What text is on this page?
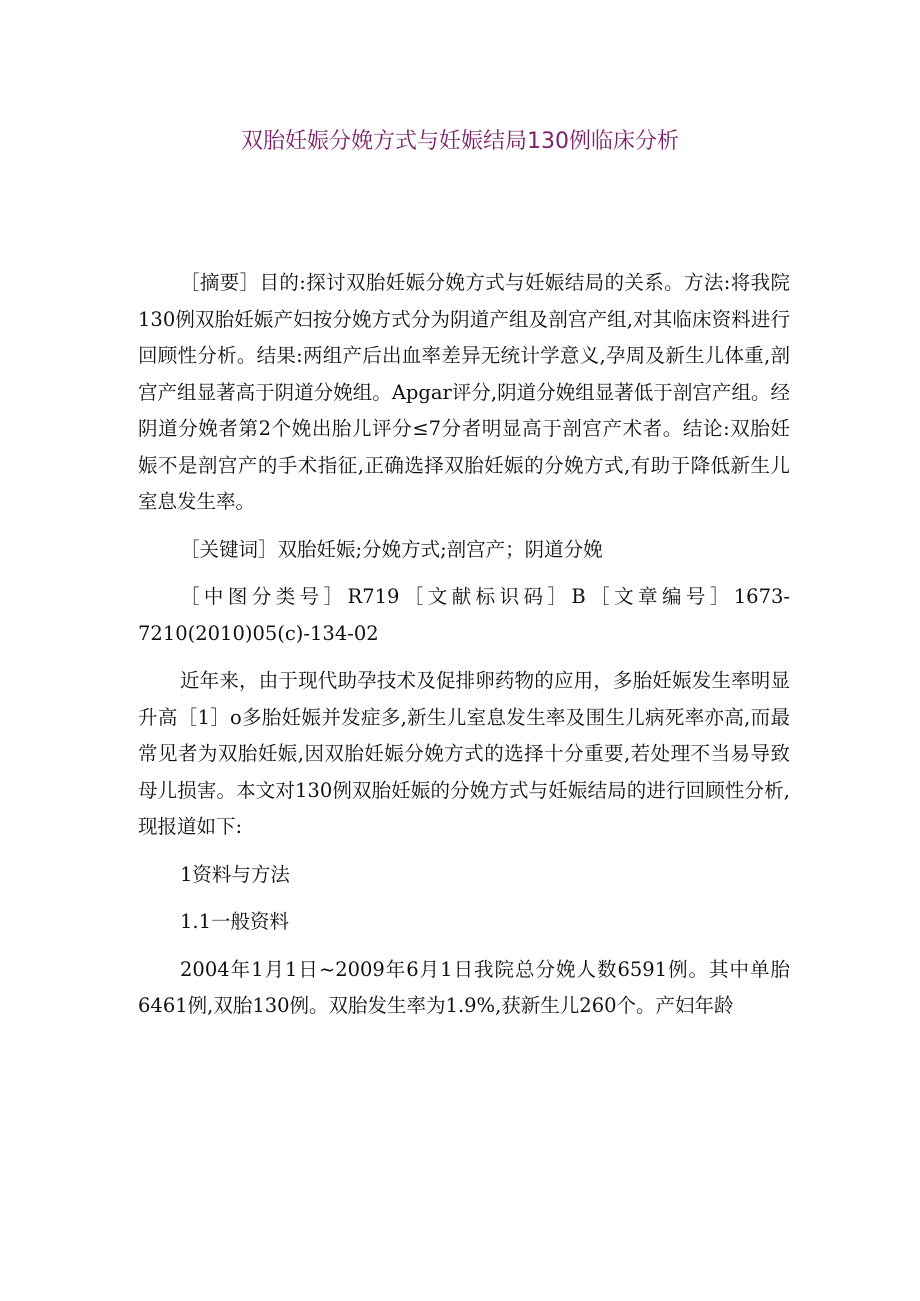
双胎妊娠分娩方式与妊娠结局130例临床分析

［摘要］目的:探讨双胎妊娠分娩方式与妊娠结局的关系。方法:将我院130例双胎妊娠产妇按分娩方式分为阴道产组及剖宫产组,对其临床资料进行回顾性分析。结果:两组产后出血率差异无统计学意义,孕周及新生儿体重,剖宫产组显著高于阴道分娩组。Apgar评分,阴道分娩组显著低于剖宫产组。经阴道分娩者第2个娩出胎儿评分≤7分者明显高于剖宫产术者。结论:双胎妊娠不是剖宫产的手术指征,正确选择双胎妊娠的分娩方式,有助于降低新生儿室息发生率。

［关键词］双胎妊娠;分娩方式;剖宫产；阴道分娩

［中图分类号］R719［文献标识码］B［文章编号］1673-7210(2010)05(c)-134-02

近年来，由于现代助孕技术及促排卵药物的应用，多胎妊娠发生率明显升高［1］o多胎妊娠并发症多,新生儿室息发生率及围生儿病死率亦高,而最常见者为双胎妊娠,因双胎妊娠分娩方式的选择十分重要,若处理不当易导致母儿损害。本文对130例双胎妊娠的分娩方式与妊娠结局的进行回顾性分析,现报道如下:

1资料与方法

1.1一般资料

2004年1月1日~2009年6月1日我院总分娩人数6591例。其中单胎6461例,双胎130例。双胎发生率为1.9%,获新生儿260个。产妇年龄
